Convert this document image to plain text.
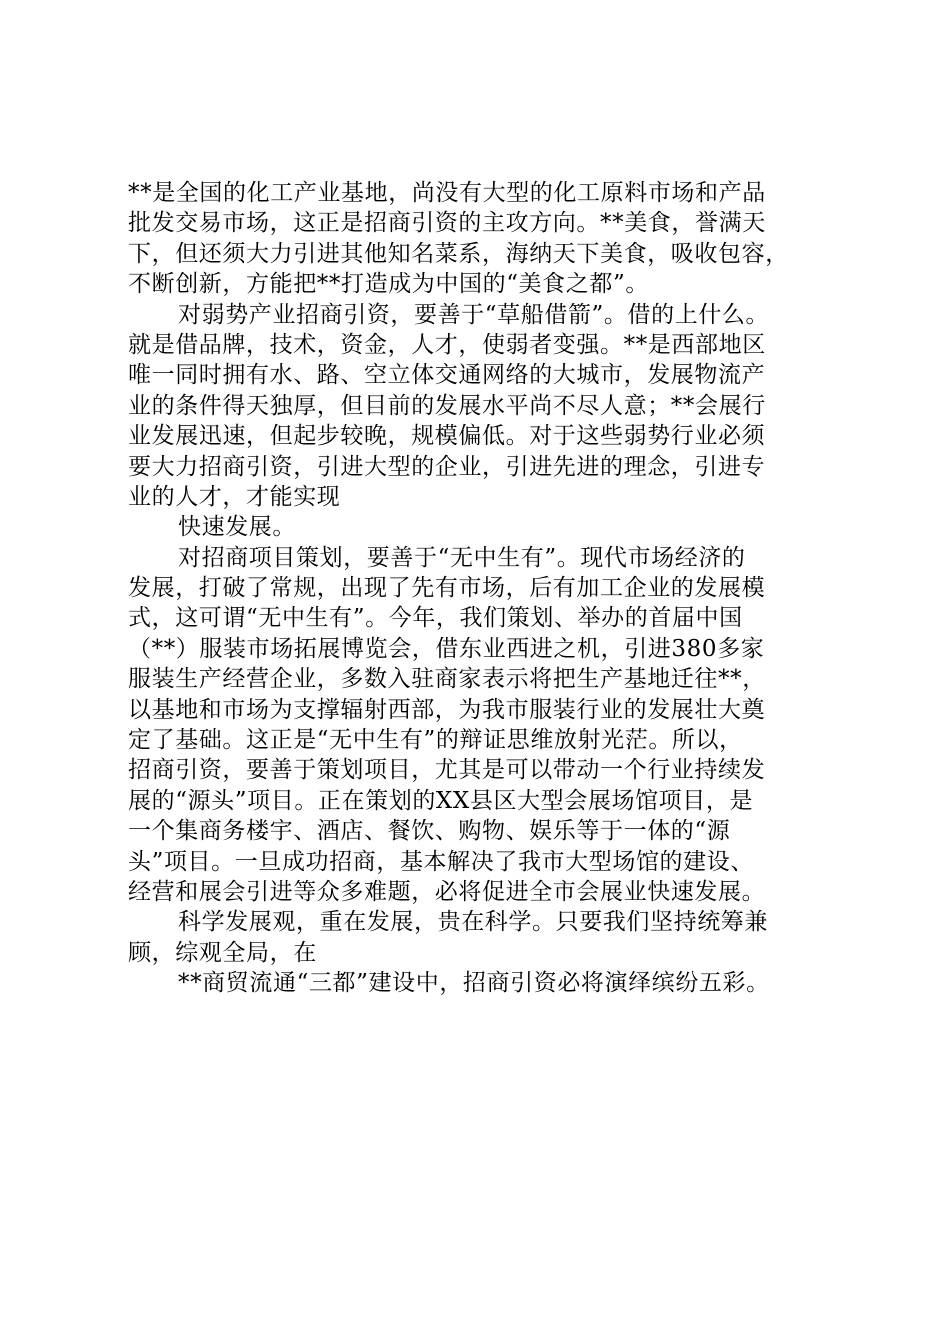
**是全国的化工产业基地，尚没有大型的化工原料市场和产品
批发交易市场，这正是招商引资的主攻方向。**美食，誉满天
下，但还须大力引进其他知名菜系，海纳天下美食，吸收包容，
不断创新，方能把**打造成为中国的“美食之都”。
对弱势产业招商引资，要善于“草船借箭”。借的上什么。
就是借品牌，技术，资金，人才，使弱者变强。**是西部地区
唯一同时拥有水、路、空立体交通网络的大城市，发展物流产
业的条件得天独厚，但目前的发展水平尚不尽人意；**会展行
业发展迅速，但起步较晚，规模偏低。对于这些弱势行业必须
要大力招商引资，引进大型的企业，引进先进的理念，引进专
业的人才，才能实现
快速发展。
对招商项目策划，要善于“无中生有”。现代市场经济的
发展，打破了常规，出现了先有市场，后有加工企业的发展模
式，这可谓“无中生有”。今年，我们策划、举办的首届中国
（**）服装市场拓展博览会，借东业西进之机，引进380多家
服装生产经营企业，多数入驻商家表示将把生产基地迁往**，
以基地和市场为支撑辐射西部，为我市服装行业的发展壮大奠
定了基础。这正是“无中生有”的辩证思维放射光茫。所以，
招商引资，要善于策划项目，尤其是可以带动一个行业持续发
展的“源头”项目。正在策划的XX县区大型会展场馆项目，是
一个集商务楼宇、酒店、餐饮、购物、娱乐等于一体的“源
头”项目。一旦成功招商，基本解决了我市大型场馆的建设、
经营和展会引进等众多难题，必将促进全市会展业快速发展。
科学发展观，重在发展，贵在科学。只要我们坚持统筹兼
顾，综观全局，在
**商贸流通“三都”建设中，招商引资必将演绎缤纷五彩。
